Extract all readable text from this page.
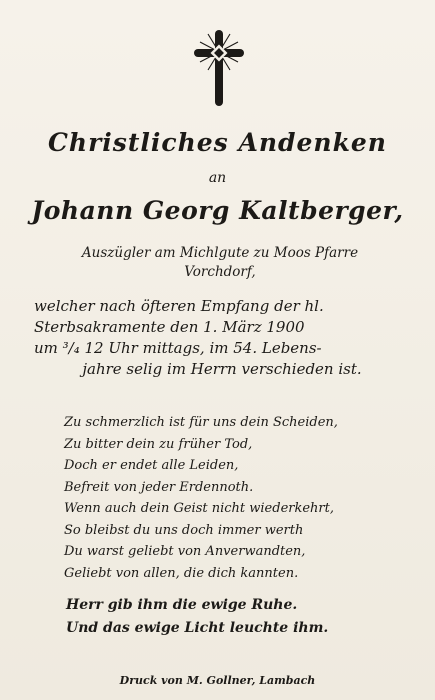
Christliches Andenken
an
Johann Georg Kaltberger,
Auszügler am Michlgute zu Moos Pfarre
Vorchdorf,
welcher nach öfteren Empfang der hl.
Sterbsakramente den 1. März 1900
um ³/₄ 12 Uhr mittags, im 54. Lebens-
jahre selig im Herrn verschieden ist.
Zu schmerzlich ist für uns dein Scheiden,
Zu bitter dein zu früher Tod,
Doch er endet alle Leiden,
Befreit von jeder Erdennoth.
Wenn auch dein Geist nicht wiederkehrt,
So bleibst du uns doch immer werth
Du warst geliebt von Anverwandten,
Geliebt von allen, die dich kannten.
Herr gib ihm die ewige Ruhe.
Und das ewige Licht leuchte ihm.
Druck von M. Gollner, Lambach
